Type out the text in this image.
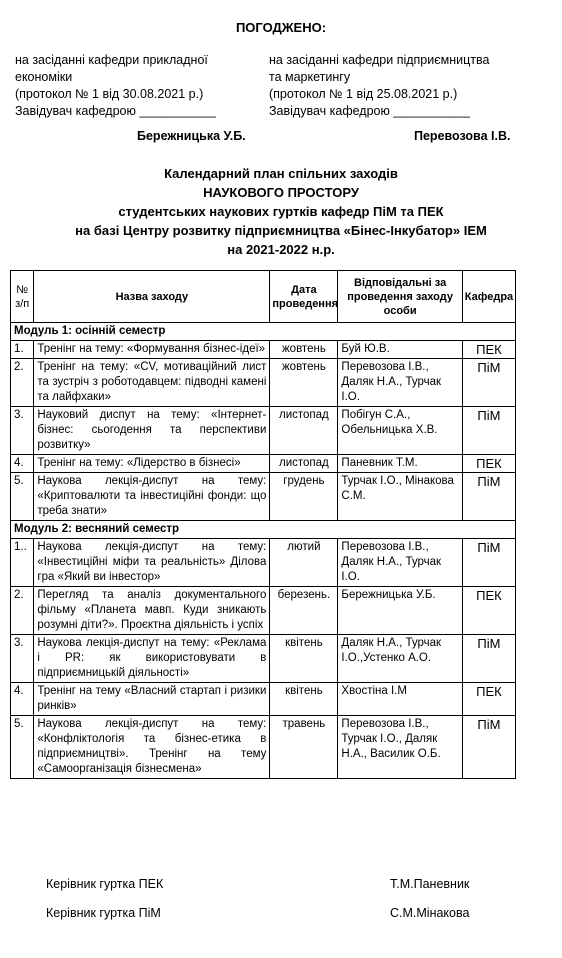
ПОГОДЖЕНО:
на засіданні кафедри прикладної
економіки
(протокол № 1 від 30.08.2021 р.)
Завідувач кафедрою ___________
Бережницька У.Б.
на засіданні кафедри підприємництва
та маркетингу
(протокол № 1 від 25.08.2021 р.)
Завідувач кафедрою ___________
Перевозова І.В.
Календарний план спільних заходів
НАУКОВОГО ПРОСТОРУ
студентських наукових гуртків кафедр ПіМ та ПЕК
на базі Центру розвитку підприємництва «Бінес-Інкубатор» ІЕМ
на 2021-2022 н.р.
№ з/п	Назва заходу	Дата проведення	Відповідальні за проведення заходу особи	Кафедра
Модуль 1: осінній семестр				
1.	Тренінг на тему: «Формування бізнес-ідеї»	жовтень	Буй Ю.В.	ПЕК
2.	Тренінг на тему: «CV, мотиваційний лист та зустріч з роботодавцем: підводні камені та лайфхаки»	жовтень	Перевозова І.В., Даляк Н.А., Турчак І.О.	ПіМ
3.	Науковий диспут на тему: «Інтернет-бізнес: сьогодення та перспективи розвитку»	листопад	Побігун С.А., Обельницька Х.В.	ПіМ
4.	Тренінг на тему: «Лідерство в бізнесі»	листопад	Паневник Т.М.	ПЕК
5.	Наукова лекція-диспут на тему: «Криптовалюти та інвестиційні фонди: що треба знати»	грудень	Турчак І.О., Мінакова С.М.	ПіМ
Модуль 2: весняний семестр				
1..	Наукова лекція-диспут на тему: «Інвестиційні міфи та реальність» Ділова гра «Який ви інвестор»	лютий	Перевозова І.В., Даляк Н.А., Турчак І.О.	ПіМ
2.	Перегляд та аналіз документального фільму «Планета мавп. Куди зникають розумні діти?». Проєктна діяльність і успіх	березень.	Бережницька У.Б.	ПЕК
3.	Наукова лекція-диспут на тему: «Реклама і PR: як використовувати в підприємницькій діяльності»	квітень	Даляк Н.А., Турчак І.О.,Устенко А.О.	ПіМ
4.	Тренінг на тему «Власний стартап і ризики ринків»	квітень	Хвостіна І.М	ПЕК
5.	Наукова лекція-диспут на тему: «Конфліктологія та бізнес-етика в підприємництві». Тренінг на тему «Самоорганізація бізнесмена»	травень	Перевозова І.В., Турчак І.О., Даляк Н.А., Василик О.Б.	ПіМ
Керівник гуртка ПЕК	Т.М.Паневник
Керівник гуртка ПіМ	С.М.Мінакова
